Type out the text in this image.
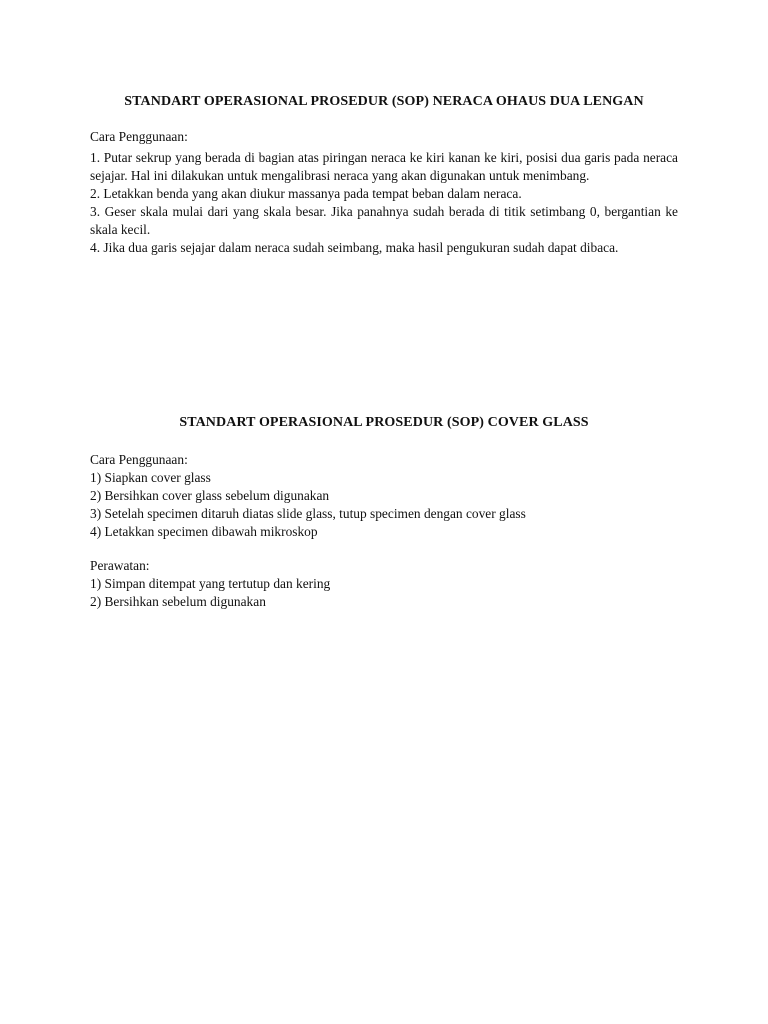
STANDART OPERASIONAL PROSEDUR (SOP) NERACA OHAUS DUA LENGAN
Cara Penggunaan:

1. Putar sekrup yang berada di bagian atas piringan neraca ke kiri kanan ke kiri, posisi dua garis pada neraca sejajar. Hal ini dilakukan untuk mengalibrasi neraca yang akan digunakan untuk menimbang.

2. Letakkan benda yang akan diukur massanya pada tempat beban dalam neraca.

3. Geser skala mulai dari yang skala besar. Jika panahnya sudah berada di titik setimbang 0, bergantian ke skala kecil.

4. Jika dua garis sejajar dalam neraca sudah seimbang, maka hasil pengukuran sudah dapat dibaca.

STANDART OPERASIONAL PROSEDUR (SOP) COVER GLASS
Cara Penggunaan:

1) Siapkan cover glass

2) Bersihkan cover glass sebelum digunakan

3) Setelah specimen ditaruh diatas slide glass, tutup specimen dengan cover glass

4) Letakkan specimen dibawah mikroskop

Perawatan:

1) Simpan ditempat yang tertutup dan kering

2) Bersihkan sebelum digunakan
